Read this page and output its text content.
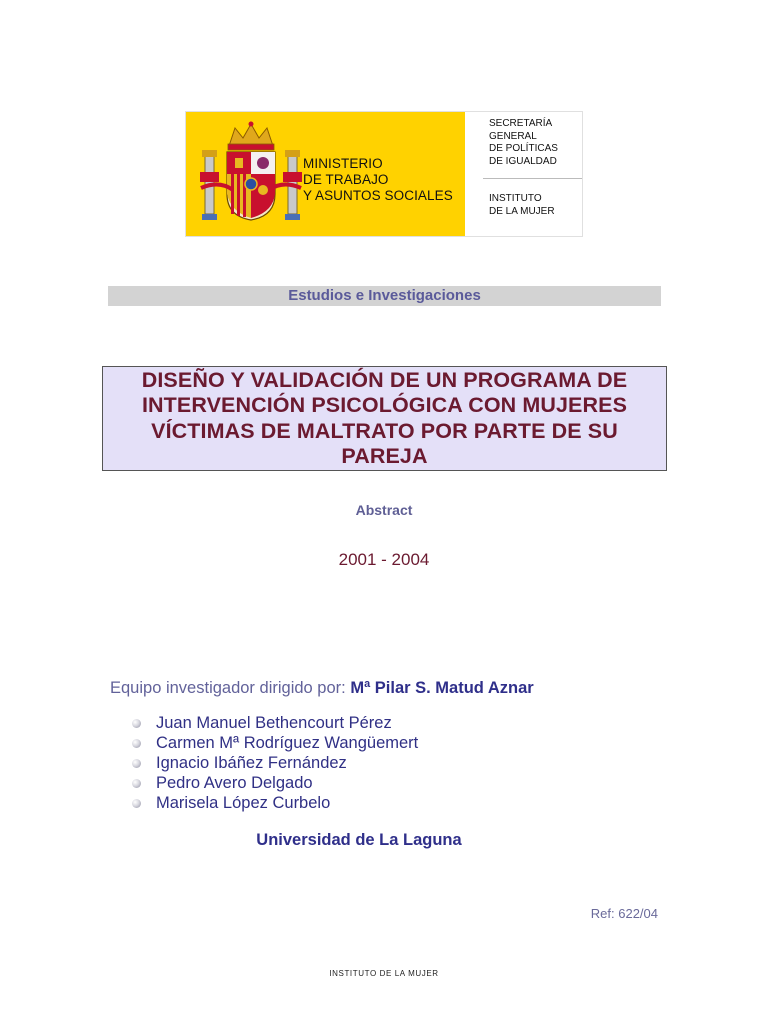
MINISTERIO
DE TRABAJO
Y ASUNTOS SOCIALES
SECRETARÍA
GENERAL
DE POLÍTICAS
DE IGUALDAD
INSTITUTO
DE LA MUJER
Estudios e Investigaciones
DISEÑO Y VALIDACIÓN DE UN PROGRAMA DE INTERVENCIÓN PSICOLÓGICA CON MUJERES VÍCTIMAS DE MALTRATO POR PARTE DE SU PAREJA
Abstract
2001 - 2004
Equipo investigador dirigido por: Mª Pilar S. Matud Aznar
Juan Manuel Bethencourt Pérez
Carmen Mª Rodríguez Wangüemert
Ignacio Ibáñez Fernández
Pedro Avero Delgado
Marisela López Curbelo
Universidad de La Laguna
Ref: 622/04
INSTITUTO DE LA MUJER
